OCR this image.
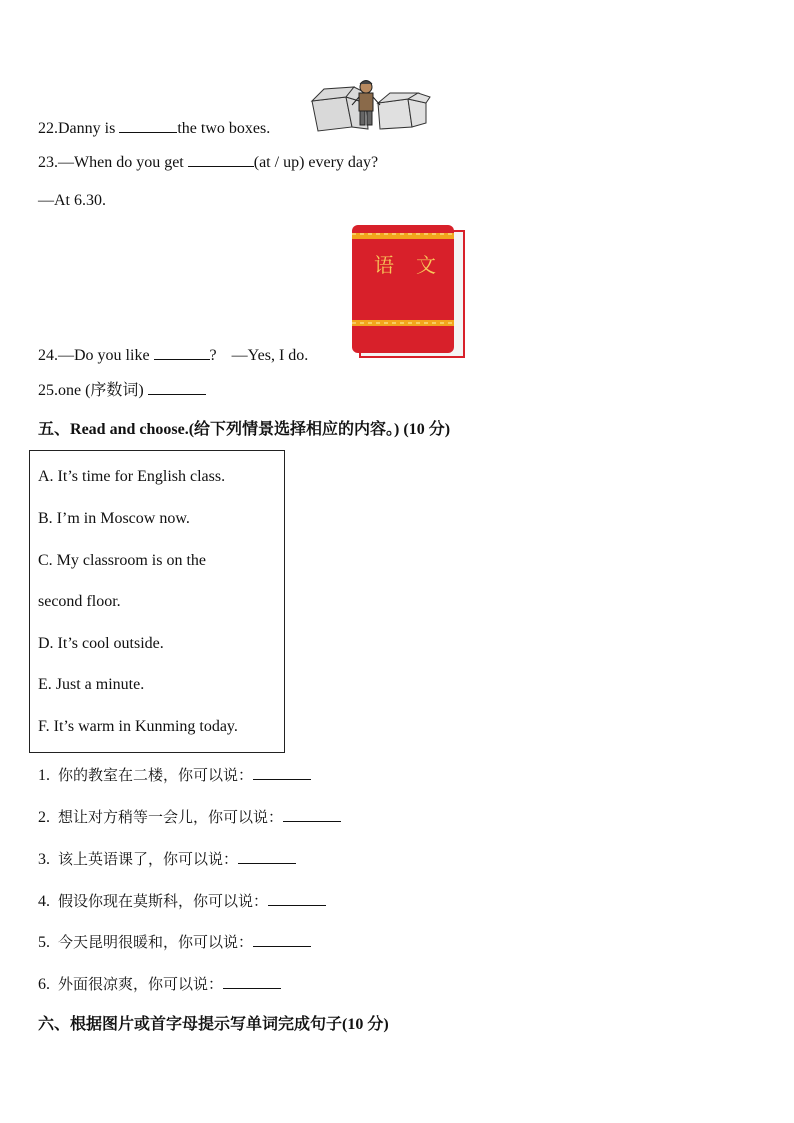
22.Danny is	the two boxes.
23.—When do you get	(at / up) every day?
—At 6.30.
语 文
24.—Do you like	? —Yes, I do.
25.one (序数词)
五、Read and choose.(给下列情景选择相应的内容。) (10 分)
A. It’s time for English class.
B. I’m in Moscow now.
C. My classroom is on the
second floor.
D. It’s cool outside.
E. Just a minute.
F. It’s warm in Kunming today.
1. 你的教室在二楼，你可以说：
2. 想让对方稍等一会儿，你可以说：
3. 该上英语课了，你可以说：
4. 假设你现在莫斯科，你可以说：
5. 今天昆明很暖和，你可以说：
6. 外面很凉爽，你可以说：
六、根据图片或首字母提示写单词完成句子(10 分)
